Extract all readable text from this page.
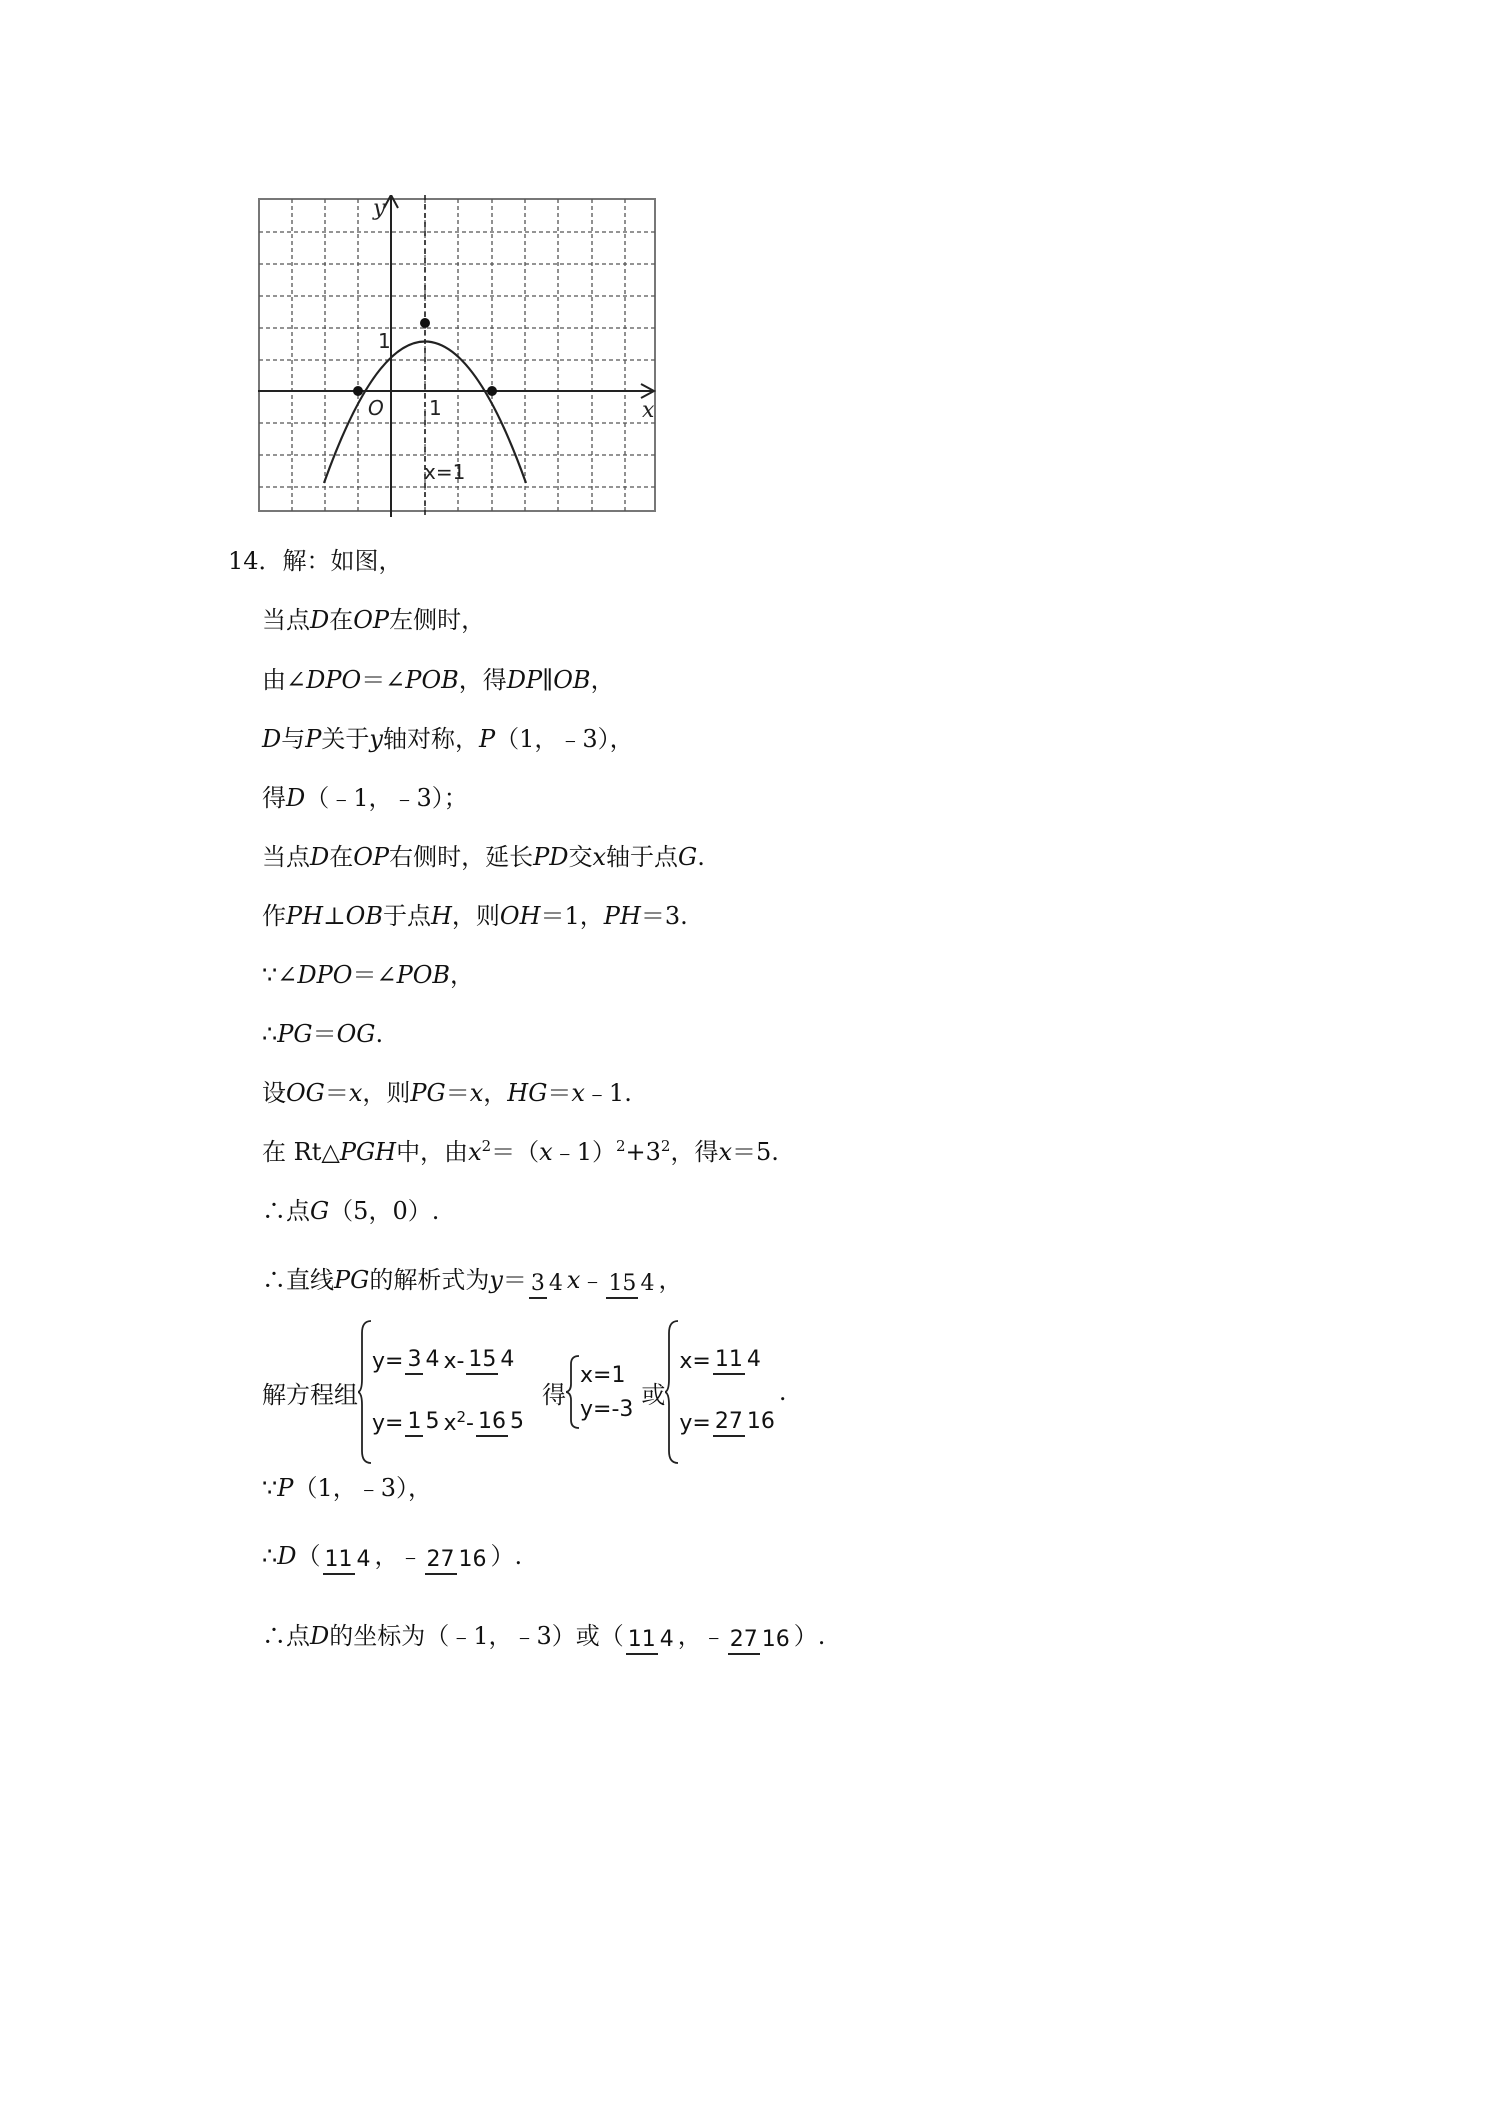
y
x
O 1
1
x=1
14．解：如图，
当点D在OP左侧时，
由∠DPO＝∠POB，得DP∥OB，
D与P关于y轴对称，P（1，﹣3），
得D（﹣1，﹣3）；
当点D在OP右侧时，延长PD交x轴于点G.
作PH⊥OB于点H，则OH＝1，PH＝3.
∵∠DPO＝∠POB，
∴PG＝OG.
设OG＝x，则PG＝x，HG＝x﹣1.
在 Rt△PGH中，由$x^2=(x﹣1)^2+3^2$，得x＝5.
∴点G（5，0）.
∴直线PG的解析式为y＝ 3 4 x﹣ 15 4 ，
解方程组
y= 3 4 x- 15 4
y= 1 5 $x^2 - 16$ 5
得
x=1
y=-3
或
x= 11 4
y= 27 16
.
∵P（1，﹣3），
∴D（ 11 4 ，﹣ 27 16 ）.
∴点D的坐标为（﹣1，﹣3）或（ 11 4 ，﹣ 27 16 ）.
